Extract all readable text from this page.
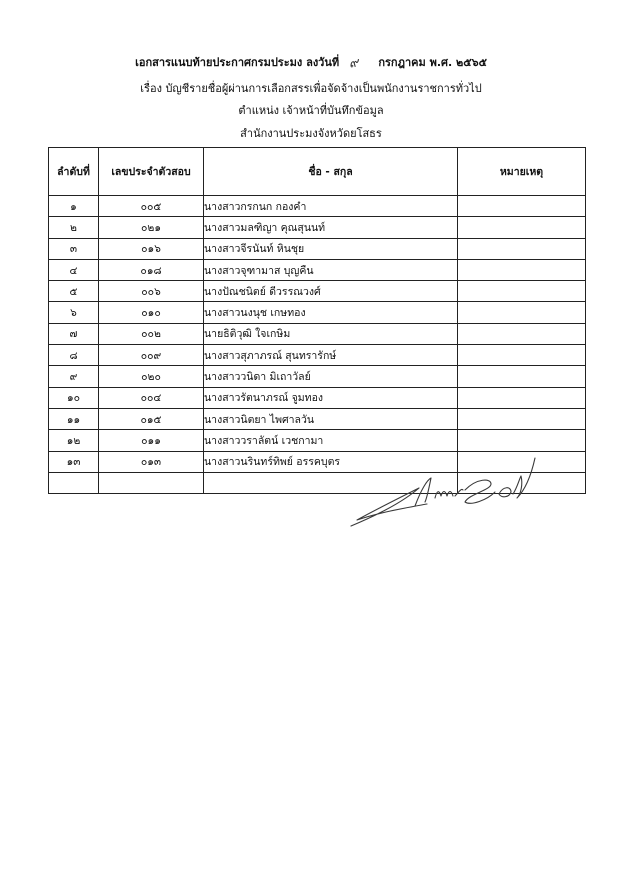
เอกสารแนบท้ายประกาศกรมประมง ลงวันที่ ๙ กรกฎาคม พ.ศ. ๒๕๖๕
เรื่อง บัญชีรายชื่อผู้ผ่านการเลือกสรรเพื่อจัดจ้างเป็นพนักงานราชการทั่วไป
ตำแหน่ง เจ้าหน้าที่บันทึกข้อมูล
สำนักงานประมงจังหวัดยโสธร
ลำดับที่	เลขประจำตัวสอบ	ชื่อ - สกุล	หมายเหตุ
๑	๐๐๕	นางสาวกรกนก กองคำ	
๒	๐๒๑	นางสาวมลฑิญา คุณสุนนท์	
๓	๐๑๖	นางสาวจีรนันท์ หินชุย	
๔	๐๑๘	นางสาวจุฑามาส บุญคืน	
๕	๐๐๖	นางปัณชนิตย์ ดีวรรณวงศ์	
๖	๐๑๐	นางสาวนงนุช เกษทอง	
๗	๐๐๒	นายธิติวุฒิ ใจเกษิม	
๘	๐๐๙	นางสาวสุภาภรณ์ สุนทรารักษ์	
๙	๐๒๐	นางสาววนิดา มิเถาวัลย์	
๑๐	๐๐๔	นางสาวรัตนาภรณ์ จูมทอง	
๑๑	๐๑๕	นางสาวนิตยา ไพศาลวัน	
๑๒	๐๑๑	นางสาววราลัตน์ เวชกามา	
๑๓	๐๑๓	นางสาวนรินทร์ทิพย์ อรรคบุตร	
